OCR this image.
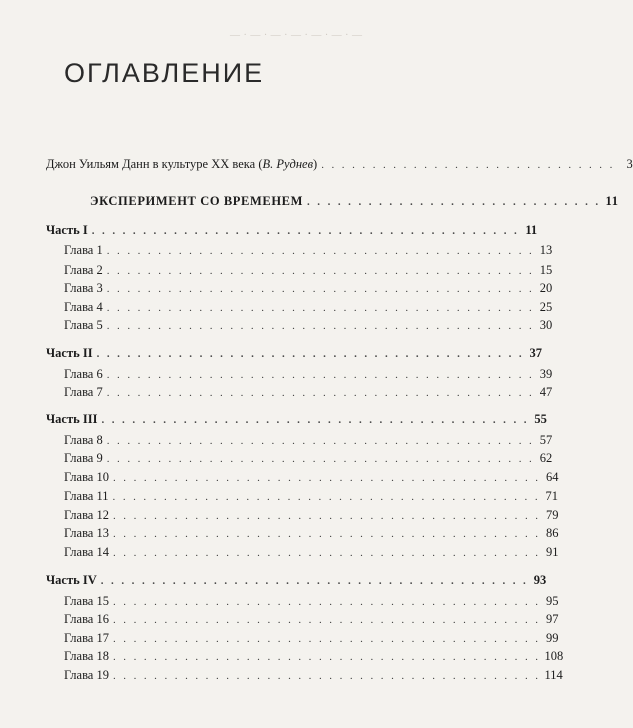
— · — · — · — · — · — · —
ОГЛАВЛЕНИЕ
Джон Уильям Данн в культуре XX века (В. Руднев) . . . . . . . . . . . . . . . . . . . . . . . . . . . . . 3
ЭКСПЕРИМЕНТ СО ВРЕМЕНЕМ . . . . . . . . . . . . . . . . . . . . . . . . . . . . . 11
Часть I . . . . . . . . . . . . . . . . . . . . . . . . . . . . . . . . . . . . . . . . . . 11
Глава 1 . . . . . . . . . . . . . . . . . . . . . . . . . . . . . . . . . . . . . . . . . . 13
Глава 2 . . . . . . . . . . . . . . . . . . . . . . . . . . . . . . . . . . . . . . . . . . 15
Глава 3 . . . . . . . . . . . . . . . . . . . . . . . . . . . . . . . . . . . . . . . . . . 20
Глава 4 . . . . . . . . . . . . . . . . . . . . . . . . . . . . . . . . . . . . . . . . . . 25
Глава 5 . . . . . . . . . . . . . . . . . . . . . . . . . . . . . . . . . . . . . . . . . . 30
Часть II . . . . . . . . . . . . . . . . . . . . . . . . . . . . . . . . . . . . . . . . . . 37
Глава 6 . . . . . . . . . . . . . . . . . . . . . . . . . . . . . . . . . . . . . . . . . . 39
Глава 7 . . . . . . . . . . . . . . . . . . . . . . . . . . . . . . . . . . . . . . . . . . 47
Часть III . . . . . . . . . . . . . . . . . . . . . . . . . . . . . . . . . . . . . . . . . . 55
Глава 8 . . . . . . . . . . . . . . . . . . . . . . . . . . . . . . . . . . . . . . . . . . 57
Глава 9 . . . . . . . . . . . . . . . . . . . . . . . . . . . . . . . . . . . . . . . . . . 62
Глава 10 . . . . . . . . . . . . . . . . . . . . . . . . . . . . . . . . . . . . . . . . . . 64
Глава 11 . . . . . . . . . . . . . . . . . . . . . . . . . . . . . . . . . . . . . . . . . . 71
Глава 12 . . . . . . . . . . . . . . . . . . . . . . . . . . . . . . . . . . . . . . . . . . 79
Глава 13 . . . . . . . . . . . . . . . . . . . . . . . . . . . . . . . . . . . . . . . . . . 86
Глава 14 . . . . . . . . . . . . . . . . . . . . . . . . . . . . . . . . . . . . . . . . . . 91
Часть IV . . . . . . . . . . . . . . . . . . . . . . . . . . . . . . . . . . . . . . . . . . 93
Глава 15 . . . . . . . . . . . . . . . . . . . . . . . . . . . . . . . . . . . . . . . . . . 95
Глава 16 . . . . . . . . . . . . . . . . . . . . . . . . . . . . . . . . . . . . . . . . . . 97
Глава 17 . . . . . . . . . . . . . . . . . . . . . . . . . . . . . . . . . . . . . . . . . . 99
Глава 18 . . . . . . . . . . . . . . . . . . . . . . . . . . . . . . . . . . . . . . . . . . 108
Глава 19 . . . . . . . . . . . . . . . . . . . . . . . . . . . . . . . . . . . . . . . . . . 114
